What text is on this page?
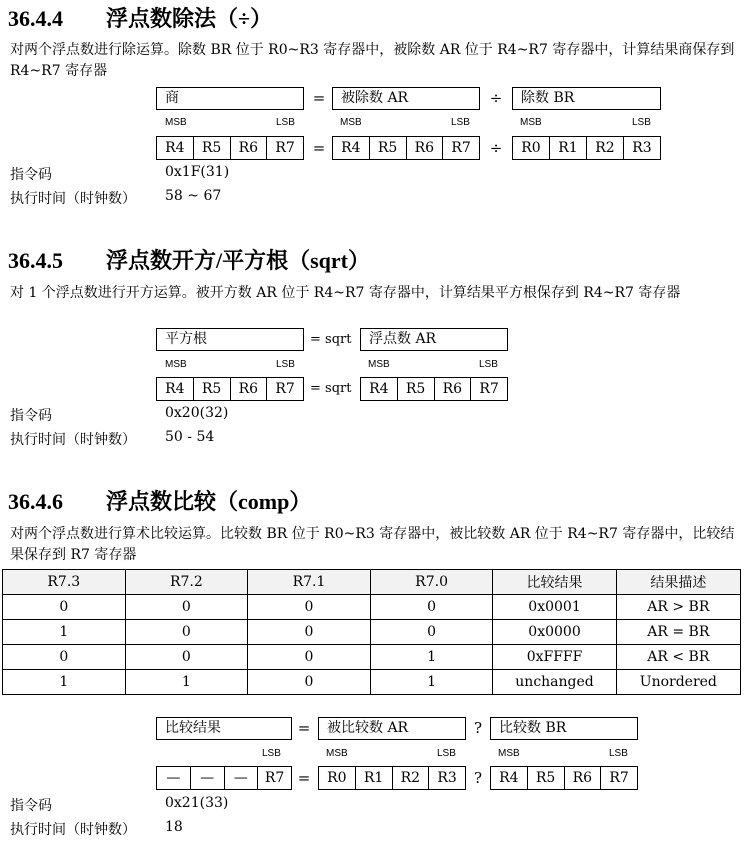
36.4.4 浮点数除法（÷）
对两个浮点数进行除运算。除数 BR 位于 R0~R3 寄存器中，被除数 AR 位于 R4~R7 寄存器中，计算结果商保存到 R4~R7 寄存器
商	=	被除数 AR	÷	除数 BR
MSB	LSB	MSB	LSB	MSB	LSB
R4	R5	R6	R7	=	R4	R5	R6	R7	÷	R0	R1	R2	R3
指令码	0x1F(31)
执行时间（时钟数） 58 ~ 67
36.4.5 浮点数开方/平方根（sqrt）
对 1 个浮点数进行开方运算。被开方数 AR 位于 R4~R7 寄存器中，计算结果平方根保存到 R4~R7 寄存器
平方根	= sqrt	浮点数 AR
MSB	LSB	MSB	LSB
R4	R5	R6	R7	= sqrt	R4	R5	R6	R7
指令码	0x20(32)
执行时间（时钟数） 50 - 54
36.4.6 浮点数比较（comp）
对两个浮点数进行算术比较运算。比较数 BR 位于 R0~R3 寄存器中，被比较数 AR 位于 R4~R7 寄存器中，比较结果保存到 R7 寄存器
R7.3	R7.2	R7.1	R7.0	比较结果	结果描述
0	0	0	0	0x0001	AR > BR
1	0	0	0	0x0000	AR = BR
0	0	0	1	0xFFFF	AR < BR
1	1	0	1	unchanged	Unordered
比较结果	=	被比较数 AR	?	比较数 BR
LSB	MSB	LSB	MSB	LSB
—	—	—	R7 =	R0	R1	R2	R3	?	R4	R5	R6	R7
指令码	0x21(33)
执行时间（时钟数） 18
